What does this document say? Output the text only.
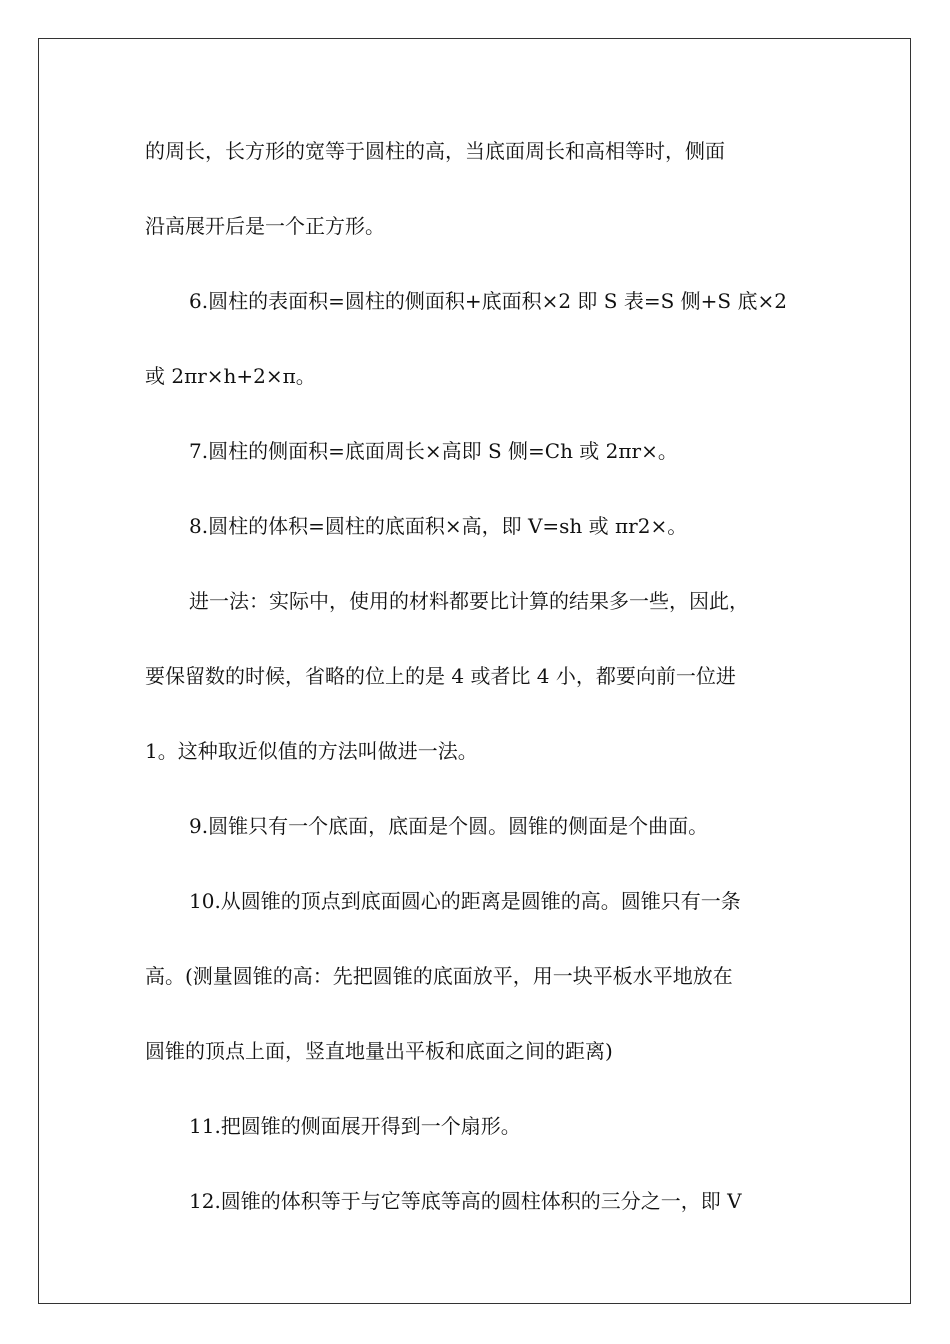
的周长，长方形的宽等于圆柱的高，当底面周长和高相等时，侧面
沿高展开后是一个正方形。
6.圆柱的表面积=圆柱的侧面积+底面积×2 即 S 表=S 侧+S 底×2
或 2πr×h+2×π。
7.圆柱的侧面积=底面周长×高即 S 侧=Ch 或 2πr×。
8.圆柱的体积=圆柱的底面积×高，即 V=sh 或 πr2×。
进一法：实际中，使用的材料都要比计算的结果多一些，因此，
要保留数的时候，省略的位上的是 4 或者比 4 小，都要向前一位进
1。这种取近似值的方法叫做进一法。
9.圆锥只有一个底面，底面是个圆。圆锥的侧面是个曲面。
10.从圆锥的顶点到底面圆心的距离是圆锥的高。圆锥只有一条
高。(测量圆锥的高：先把圆锥的底面放平，用一块平板水平地放在
圆锥的顶点上面，竖直地量出平板和底面之间的距离)
11.把圆锥的侧面展开得到一个扇形。
12.圆锥的体积等于与它等底等高的圆柱体积的三分之一，即 V
